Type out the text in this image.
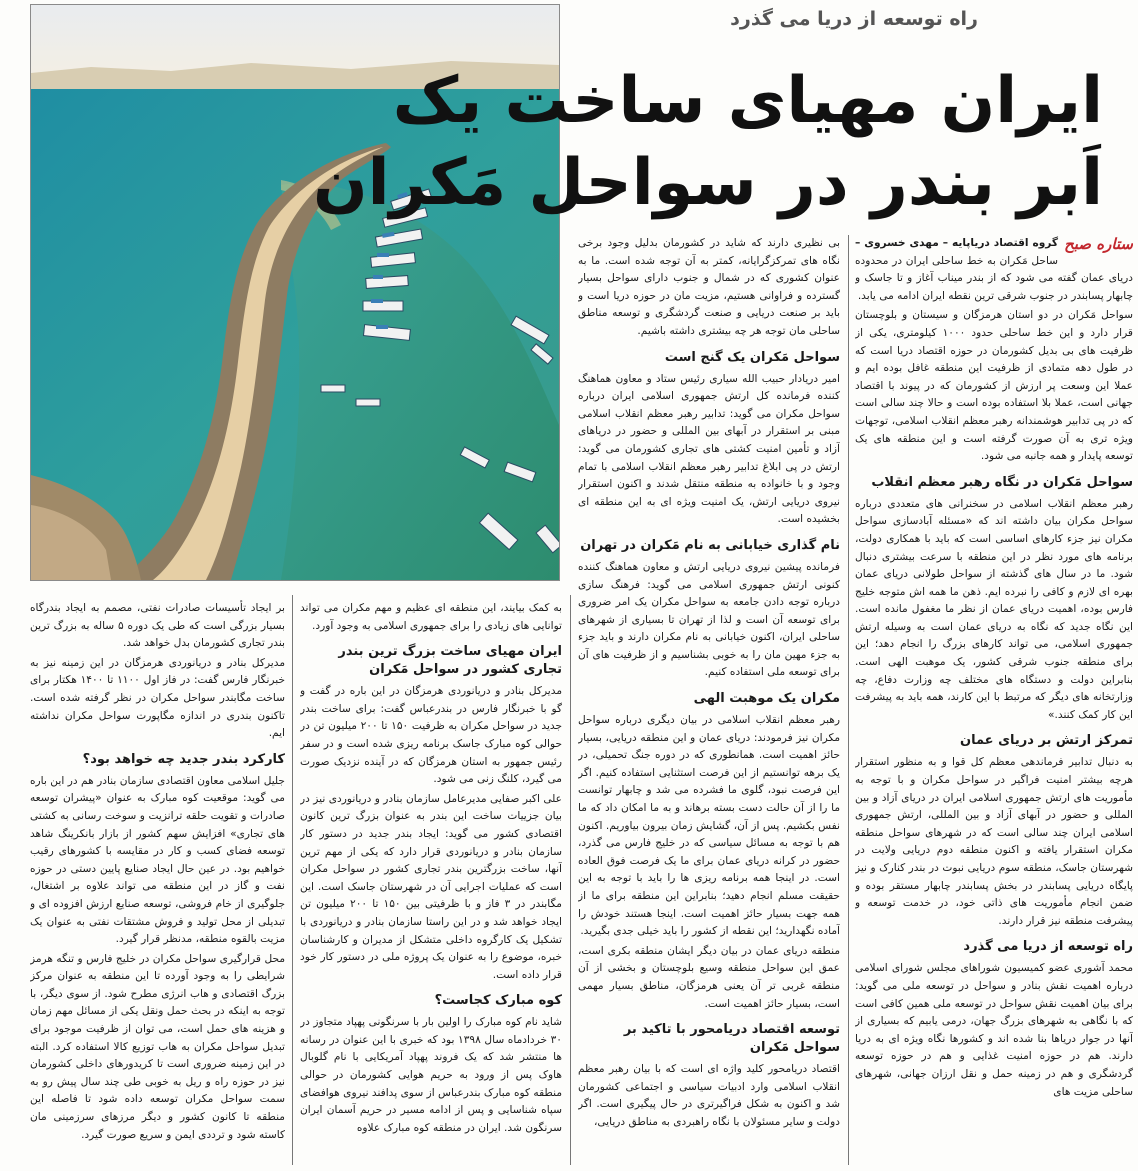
راه توسعه از دریا می گذرد
ایران مهیای ساخت یک
اَبر بندر در سواحل مَکران

ستاره صبح
گروه اقتصاد دریاپایه – مهدی خسروی – ساحل مَکران به خط ساحلی ایران در محدوده دریای عمان گفته می شود که از بندر میناب آغاز و تا جاسک و چابهار پسابندر در جنوب شرقی ترین نقطه ایران ادامه می یابد.

سواحل مَکران در دو استان هرمزگان و سیستان و بلوچستان قرار دارد و این خط ساحلی حدود ۱۰۰۰ کیلومتری، یکی از ظرفیت های بی بدیل کشورمان در حوزه اقتصاد دریا است که در طول دهه متمادی از ظرفیت این منطقه غافل بوده ایم و عملا این وسعت پر ارزش از کشورمان که در پیوند با اقتصاد جهانی است، عملا بلا استفاده بوده است و حالا چند سالی است که در پی تدابیر هوشمندانه رهبر معظم انقلاب اسلامی، توجهات ویژه تری به آن صورت گرفته است و این منطقه های یک توسعه پایدار و همه جانبه می شود.

سواحل مَکران در نگاه رهبر معظم انقلاب

رهبر معظم انقلاب اسلامی در سخنرانی های متعددی درباره سواحل مکران بیان داشته اند که «مسئله آبادسازی سواحل مکران نیز جزء کارهای اساسی است که باید با همکاری دولت، برنامه های مورد نظر در این منطقه با سرعت بیشتری دنبال شود. ما در سال های گذشته از سواحل طولانی دریای عمان بهره ای لازم و کافی را نبرده ایم. ذهن ما همه اش متوجه خلیج فارس بوده، اهمیت دریای عمان از نظر ما مغفول مانده است. این نگاه جدید که نگاه به دریای عمان است به وسیله ارتش جمهوری اسلامی، می تواند کارهای بزرگ را انجام دهد؛ این برای منطقه جنوب شرقی کشور، یک موهبت الهی است. بنابراین دولت و دستگاه های مختلف چه وزارت دفاع، چه وزارتخانه های دیگر که مرتبط با این کارند، همه باید به پیشرفت این کار کمک کنند.»

تمرکز ارتش بر دریای عمان

به دنبال تدابیر فرماندهی معظم کل قوا و به منظور استقرار هرچه بیشتر امنیت فراگیر در سواحل مکران و با توجه به مأموریت های ارتش جمهوری اسلامی ایران در دریای آزاد و بین المللی و حضور در آبهای آزاد و بین المللی، ارتش جمهوری اسلامی ایران چند سالی است که در شهرهای سواحل منطقه مکران استقرار یافته و اکنون منطقه دوم دریایی ولایت در شهرستان جاسک، منطقه سوم دریایی نبوت در بندر کنارک و نیز پایگاه دریایی پسابندر در بخش پسابندر چابهار مستقر بوده و ضمن انجام مأموریت های ذاتی خود، در خدمت توسعه و پیشرفت منطقه نیز قرار دارند.

راه توسعه از دریا می گذرد

محمد آشوری عضو کمیسیون شوراهای مجلس شورای اسلامی درباره اهمیت نقش بنادر و سواحل در توسعه ملی می گوید: برای بیان اهمیت نقش سواحل در توسعه ملی همین کافی است که با نگاهی به شهرهای بزرگ جهان، درمی یابیم که بسیاری از آنها در جوار دریاها بنا شده اند و کشورها نگاه ویژه ای به دریا دارند. هم در حوزه امنیت غذایی و هم در حوزه توسعه گردشگری و هم در زمینه حمل و نقل ارزان جهانی، شهرهای ساحلی مزیت های

بی نظیری دارند که شاید در کشورمان بدلیل وجود برخی نگاه های تمرکزگرایانه، کمتر به آن توجه شده است. ما به عنوان کشوری که در شمال و جنوب دارای سواحل بسیار گسترده و فراوانی هستیم، مزیت مان در حوزه دریا است و باید بر صنعت دریایی و صنعت گردشگری و توسعه مناطق ساحلی مان توجه هر چه بیشتری داشته باشیم.

سواحل مَکران یک گنج است

امیر دریادار حبیب الله سیاری رئیس ستاد و معاون هماهنگ کننده فرمانده کل ارتش جمهوری اسلامی ایران درباره سواحل مکران می گوید: تدابیر رهبر معظم انقلاب اسلامی مبنی بر استقرار در آبهای بین المللی و حضور در دریاهای آزاد و تأمین امنیت کشتی های تجاری کشورمان می گوید: ارتش در پی ابلاغ تدابیر رهبر معظم انقلاب اسلامی با تمام وجود و با خانواده به منطقه منتقل شدند و اکنون استقرار نیروی دریایی ارتش، یک امنیت ویژه ای به این منطقه ای بخشیده است.

نام گذاری خیابانی به نام مَکران در تهران

فرمانده پیشین نیروی دریایی ارتش و معاون هماهنگ کننده کنونی ارتش جمهوری اسلامی می گوید: فرهنگ سازی درباره توجه دادن جامعه به سواحل مکران یک امر ضروری برای توسعه آن است و لذا از تهران تا بسیاری از شهرهای ساحلی ایران، اکنون خیابانی به نام مکران دارند و باید جزء به جزء مهین مان را به خوبی بشناسیم و از ظرفیت های آن برای توسعه ملی استفاده کنیم.

مکران یک موهبت الهی

رهبر معظم انقلاب اسلامی در بیان دیگری درباره سواحل مکران نیز فرمودند: دریای عمان و این منطقه دریایی، بسیار حائز اهمیت است. همانطوری که در دوره جنگ تحمیلی، در یک برهه توانستیم از این فرصت استثنایی استفاده کنیم. اگر این فرصت نبود، گلوی ما فشرده می شد و چابهار توانست ما را از آن حالت دست بسته برهاند و به ما امکان داد که ما نفس بکشیم. پس از آن، گشایش زمان بیرون بیاوریم. اکنون هم با توجه به مسائل سیاسی که در خلیج فارس می گذرد، حضور در کرانه دریای عمان برای ما یک فرصت فوق العاده است. در اینجا همه برنامه ریزی ها را باید با توجه به این حقیقت مسلم انجام دهید؛ بنابراین این منطقه برای ما از همه جهت بسیار حائز اهمیت است. اینجا هستند خودش را آماده نگهدارید؛ این نقطه از کشور را باید خیلی جدی بگیرید.

منطقه دریای عمان در بیان دیگر ایشان منطقه بکری است، عمق این سواحل منطقه وسیع بلوچستان و بخشی از آن منطقه غربی تر آن یعنی هرمزگان، مناطق بسیار مهمی است، بسیار حائز اهمیت است.

توسعه اقتصاد دریامحور با تاکید بر سواحل مَکران

اقتصاد دریامحور کلید واژه ای است که با بیان رهبر معظم انقلاب اسلامی وارد ادبیات سیاسی و اجتماعی کشورمان شد و اکنون به شکل فراگیرتری در حال پیگیری است. اگر دولت و سایر مسئولان با نگاه راهبردی به مناطق دریایی،

به کمک بیایند، این منطقه ای عظیم و مهم مکران می تواند توانایی های زیادی را برای جمهوری اسلامی به وجود آورد.

ایران مهیای ساخت بزرگ ترین بندر تجاری کشور در سواحل مَکران

مدیرکل بنادر و دریانوردی هرمزگان در این باره در گفت و گو با خبرنگار فارس در بندرعباس گفت: برای ساخت بندر جدید در سواحل مکران به ظرفیت ۱۵۰ تا ۲۰۰ میلیون تن در حوالی کوه مبارک جاسک برنامه ریزی شده است و در سفر رئیس جمهور به استان هرمزگان که در آینده نزدیک صورت می گیرد، کلنگ زنی می شود.

علی اکبر صفایی مدیرعامل سازمان بنادر و دریانوردی نیز در بیان جزییات ساخت این بندر به عنوان بزرگ ترین کانون اقتصادی کشور می گوید: ایجاد بندر جدید در دستور کار سازمان بنادر و دریانوردی قرار دارد که یکی از مهم ترین آنها، ساخت بزرگترین بندر تجاری کشور در سواحل مکران است که عملیات اجرایی آن در شهرستان جاسک است. این مگابندر در ۳ فاز و با ظرفیتی بین ۱۵۰ تا ۲۰۰ میلیون تن ایجاد خواهد شد و در این راستا سازمان بنادر و دریانوردی با تشکیل یک کارگروه داخلی متشکل از مدیران و کارشناسان خبره، موضوع را به عنوان یک پروژه ملی در دستور کار خود قرار داده است.

کوه مبارک کجاست؟

شاید نام کوه مبارک را اولین بار با سرنگونی پهپاد متجاوز در ۳۰ خردادماه سال ۱۳۹۸ بود که خبری با این عنوان در رسانه ها منتشر شد که یک فروند پهپاد آمریکایی با نام گلوبال هاوک پس از ورود به حریم هوایی کشورمان در حوالی منطقه کوه مبارک بندرعباس از سوی پدافند نیروی هوافضای سپاه شناسایی و پس از ادامه مسیر در حریم آسمان ایران سرنگون شد. ایران در منطقه کوه مبارک علاوه

بر ایجاد تأسیسات صادرات نفتی، مصمم به ایجاد بندرگاه بسیار بزرگی است که طی یک دوره ۵ ساله به بزرگ ترین بندر تجاری کشورمان بدل خواهد شد.

مدیرکل بنادر و دریانوردی هرمزگان در این زمینه نیز به خبرنگار فارس گفت: در فاز اول ۱۱۰۰ تا ۱۴۰۰ هکتار برای ساخت مگابندر سواحل مکران در نظر گرفته شده است. تاکنون بندری در اندازه مگاپورت سواحل مکران نداشته ایم.

کارکرد بندر جدید چه خواهد بود؟

جلیل اسلامی معاون اقتصادی سازمان بنادر هم در این باره می گوید: موقعیت کوه مبارک به عنوان «پیشران توسعه صادرات و تقویت حلقه ترانزیت و سوخت رسانی به کشتی های تجاری» افزایش سهم کشور از بازار بانکرینگ شاهد توسعه فضای کسب و کار در مقایسه با کشورهای رقیب خواهیم بود. در عین حال ایجاد صنایع پایین دستی در حوزه نفت و گاز در این منطقه می تواند علاوه بر اشتغال، جلوگیری از خام فروشی، توسعه صنایع ارزش افزوده ای و تبدیلی از محل تولید و فروش مشتقات نفتی به عنوان یک مزیت بالقوه منطقه، مدنظر قرار گیرد.

محل قرارگیری سواحل مکران در خلیج فارس و تنگه هرمز شرایطی را به وجود آورده تا این منطقه به عنوان مرکز بزرگ اقتصادی و هاب انرژی مطرح شود. از سوی دیگر، با توجه به اینکه در بحث حمل ونقل یکی از مسائل مهم زمان و هزینه های حمل است، می توان از ظرفیت موجود برای تبدیل سواحل مکران به هاب توزیع کالا استفاده کرد. البته در این زمینه ضروری است تا کریدورهای داخلی کشورمان نیز در حوزه راه و ریل به خوبی طی چند سال پیش رو به سمت سواحل مکران توسعه داده شود تا فاصله این منطقه تا کانون کشور و دیگر مرزهای سرزمینی مان کاسته شود و ترددی ایمن و سریع صورت گیرد.
